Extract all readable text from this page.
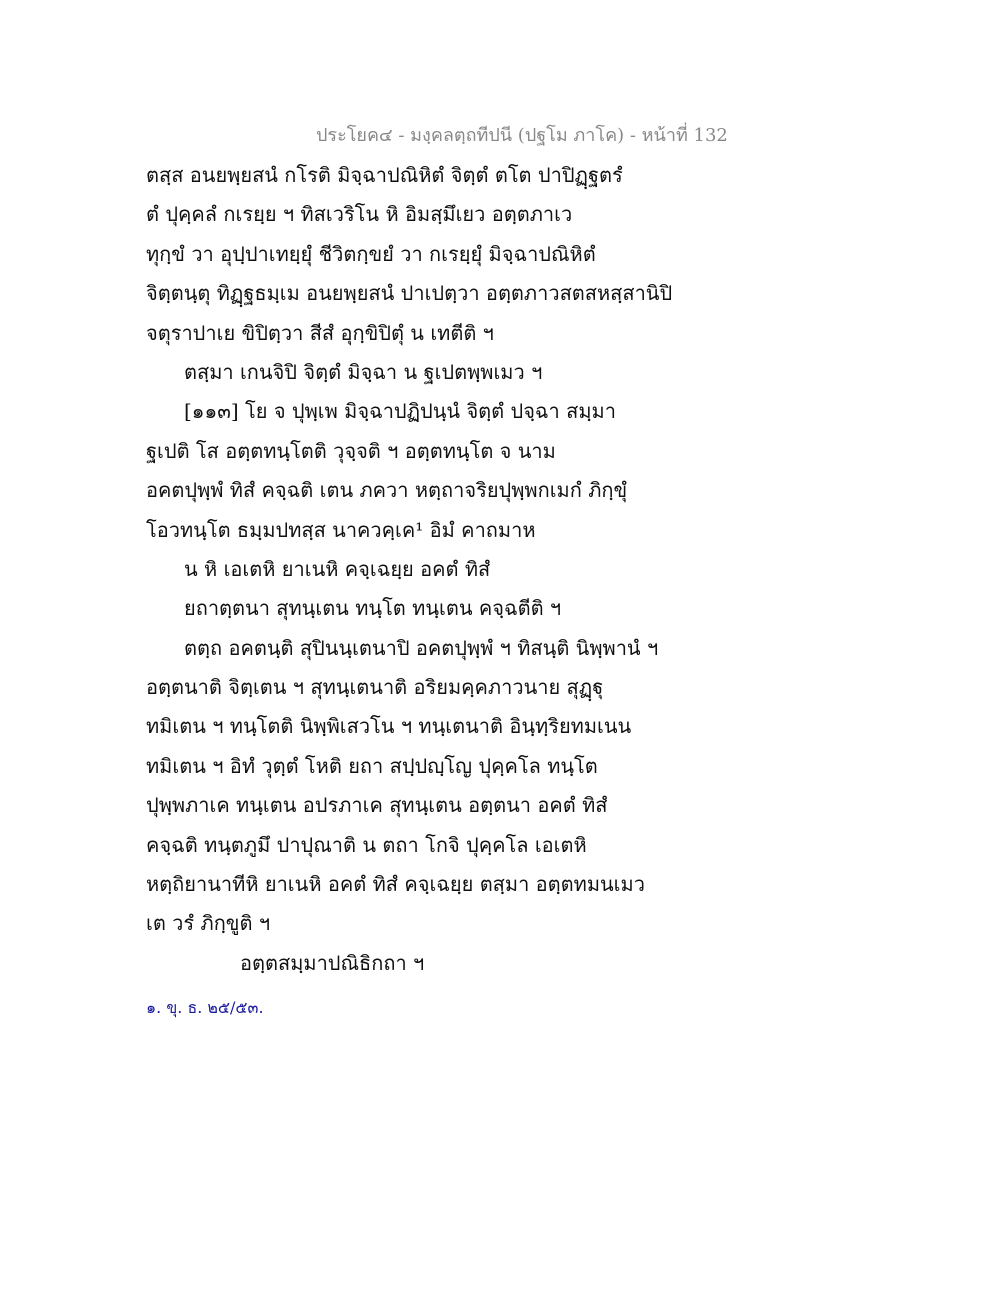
ประโยค๔ - มงฺคลตฺถทีปนี (ปฐโม ภาโค) - หน้าที่ 132
ตสฺส อนยพฺยสนํ กโรติ มิจฺฉาปณิหิตํ จิตฺตํ ตโต ปาปิฏฺฐตรํ
ตํ ปุคฺคลํ กเรยฺย ฯ ทิสเวริโน หิ อิมสฺมึเยว อตฺตภาเว
ทุกฺขํ วา อุปฺปาเทยฺยุํ ชีวิตกฺขยํ วา กเรยฺยุํ มิจฺฉาปณิหิตํ
จิตฺตนฺตุ ทิฏฺฐธมฺเม อนยพฺยสนํ ปาเปตฺวา อตฺตภาวสตสหสฺสานิปิ
จตุราปาเย ขิปิตฺวา สีสํ อุกฺขิปิตุํ น เทตีติ ฯ
ตสฺมา เกนจิปิ จิตฺตํ มิจฺฉา น ฐเปตพฺพเมว ฯ
[๑๑๓] โย จ ปุพฺเพ มิจฺฉาปฏิปนฺนํ จิตฺตํ ปจฺฉา สมฺมา
ฐเปติ โส อตฺตทนฺโตติ วุจฺจติ ฯ อตฺตทนฺโต จ นาม
อคตปุพฺพํ ทิสํ คจฺฉติ เตน ภควา หตฺถาจริยปุพฺพกเมกํ ภิกฺขุํ
โอวทนฺโต ธมฺมปทสฺส นาควคฺเค¹ อิมํ คาถมาห
น หิ เอเตหิ ยาเนหิ คจฺเฉยฺย อคตํ ทิสํ
ยถาตฺตนา สุทนฺเตน ทนฺโต ทนฺเตน คจฺฉตีติ ฯ
ตตฺถ อคตนฺติ สุปินนฺเตนาปิ อคตปุพฺพํ ฯ ทิสนฺติ นิพฺพานํ ฯ
อตฺตนาติ จิตฺเตน ฯ สุทนฺเตนาติ อริยมคฺคภาวนาย สุฏฺฐุ
ทมิเตน ฯ ทนฺโตติ นิพฺพิเสวโน ฯ ทนฺเตนาติ อินฺทฺริยทมเนน
ทมิเตน ฯ อิทํ วุตฺตํ โหติ ยถา สปฺปญฺโญ ปุคฺคโล ทนฺโต
ปุพฺพภาเค ทนฺเตน อปรภาเค สุทนฺเตน อตฺตนา อคตํ ทิสํ
คจฺฉติ ทนฺตภูมึ ปาปุณาติ น ตถา โกจิ ปุคฺคโล เอเตหิ
หตฺถิยานาทีหิ ยาเนหิ อคตํ ทิสํ คจฺเฉยฺย ตสฺมา อตฺตทมนเมว
เต วรํ ภิกฺขูติ ฯ
อตฺตสมฺมาปณิธิกถา ฯ
๑. ขุ. ธ. ๒๕/๕๓.
